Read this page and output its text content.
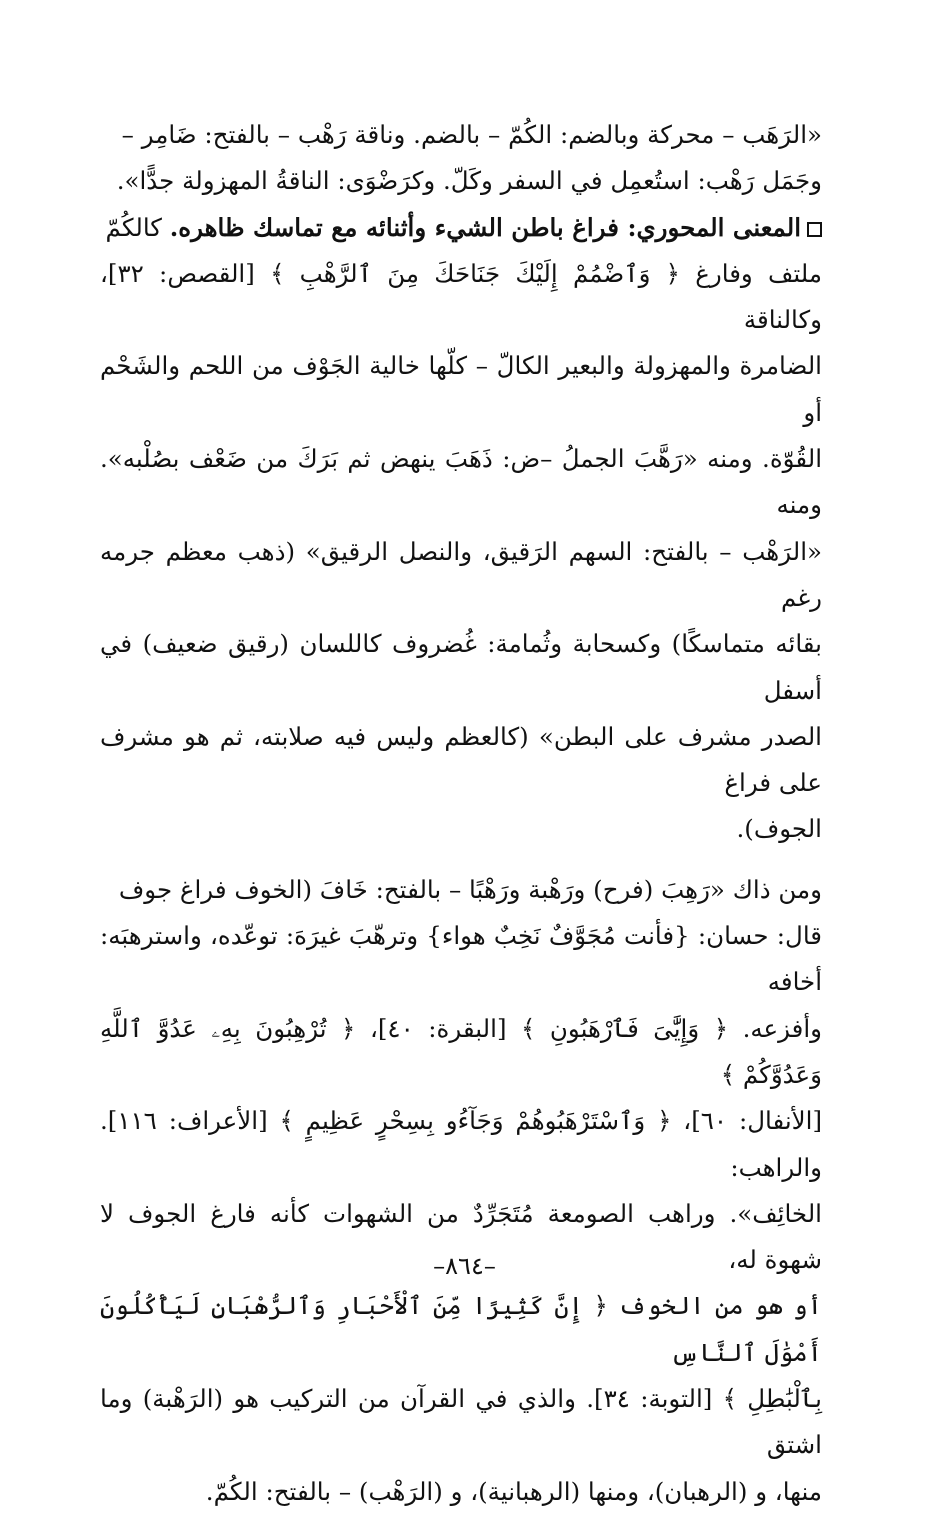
«الرَهَب – محركة وبالضم: الكُمّ – بالضم. وناقة رَهْب – بالفتح: ضَامِر –
وجَمَل رَهْب: استُعمِل في السفر وكَلّ. وكرَضْوَى: الناقةُ المهزولة جدًّا».

المعنى المحوري: فراغ باطن الشيء وأثنائه مع تماسك ظاهره. كالكُمّ
ملتف وفارغ ﴿ وَٱضْمُمْ إِلَيْكَ جَنَاحَكَ مِنَ ٱلرَّهْبِ ﴾ [القصص: ٣٢]، وكالناقة
الضامرة والمهزولة والبعير الكالّ – كلّها خالية الجَوْف من اللحم والشَحْم أو
القُوّة. ومنه «رَهَّبَ الجملُ –ض: ذَهَبَ ينهض ثم بَرَكَ من ضَعْف بصُلْبه». ومنه
«الرَهْب – بالفتح: السهم الرَقيق، والنصل الرقيق» (ذهب معظم جرمه رغم
بقائه متماسكًا) وكسحابة وثُمامة: غُضروف كاللسان (رقيق ضعيف) في أسفل
الصدر مشرف على البطن» (كالعظم وليس فيه صلابته، ثم هو مشرف على فراغ
الجوف).

ومن ذاك «رَهِبَ (فرح) ورَهْبة ورَهْبًا – بالفتح: خَافَ (الخوف فراغ جوف
قال: حسان: {فأنت مُجَوَّفٌ نَخِبٌ هواء} وترهّبَ غيرَهَ: توعّده، واسترهبَه: أخافه
وأفزعه. ﴿ وَإِيَّٰىَ فَٱرْهَبُونِ ﴾ [البقرة: ٤٠]، ﴿ تُرْهِبُونَ بِهِۦ عَدُوَّ ٱللَّهِ وَعَدُوَّكُمْ ﴾
[الأنفال: ٦٠]، ﴿ وَٱسْتَرْهَبُوهُمْ وَجَآءُو بِسِحْرٍ عَظِيمٍ ﴾ [الأعراف: ١١٦]. والراهب:
الخائِف». وراهب الصومعة مُتَجَرِّدٌ من الشهوات كأنه فارغ الجوف لا شهوة له،
أو هو من الخوف ﴿ إِنَّ كَثِيرًا مِّنَ ٱلْأَحْبَارِ وَٱلرُّهْبَانِ لَيَأْكُلُونَ أَمْوَٰلَ ٱلنَّاسِ
بِٱلْبَٰطِلِ ﴾ [التوبة: ٣٤]. والذي في القرآن من التركيب هو (الرَهْبة) وما اشتق
منها، و (الرهبان)، ومنها (الرهبانية)، و (الرَهْب) – بالفتح: الكُمّ.

–٨٦٤–
